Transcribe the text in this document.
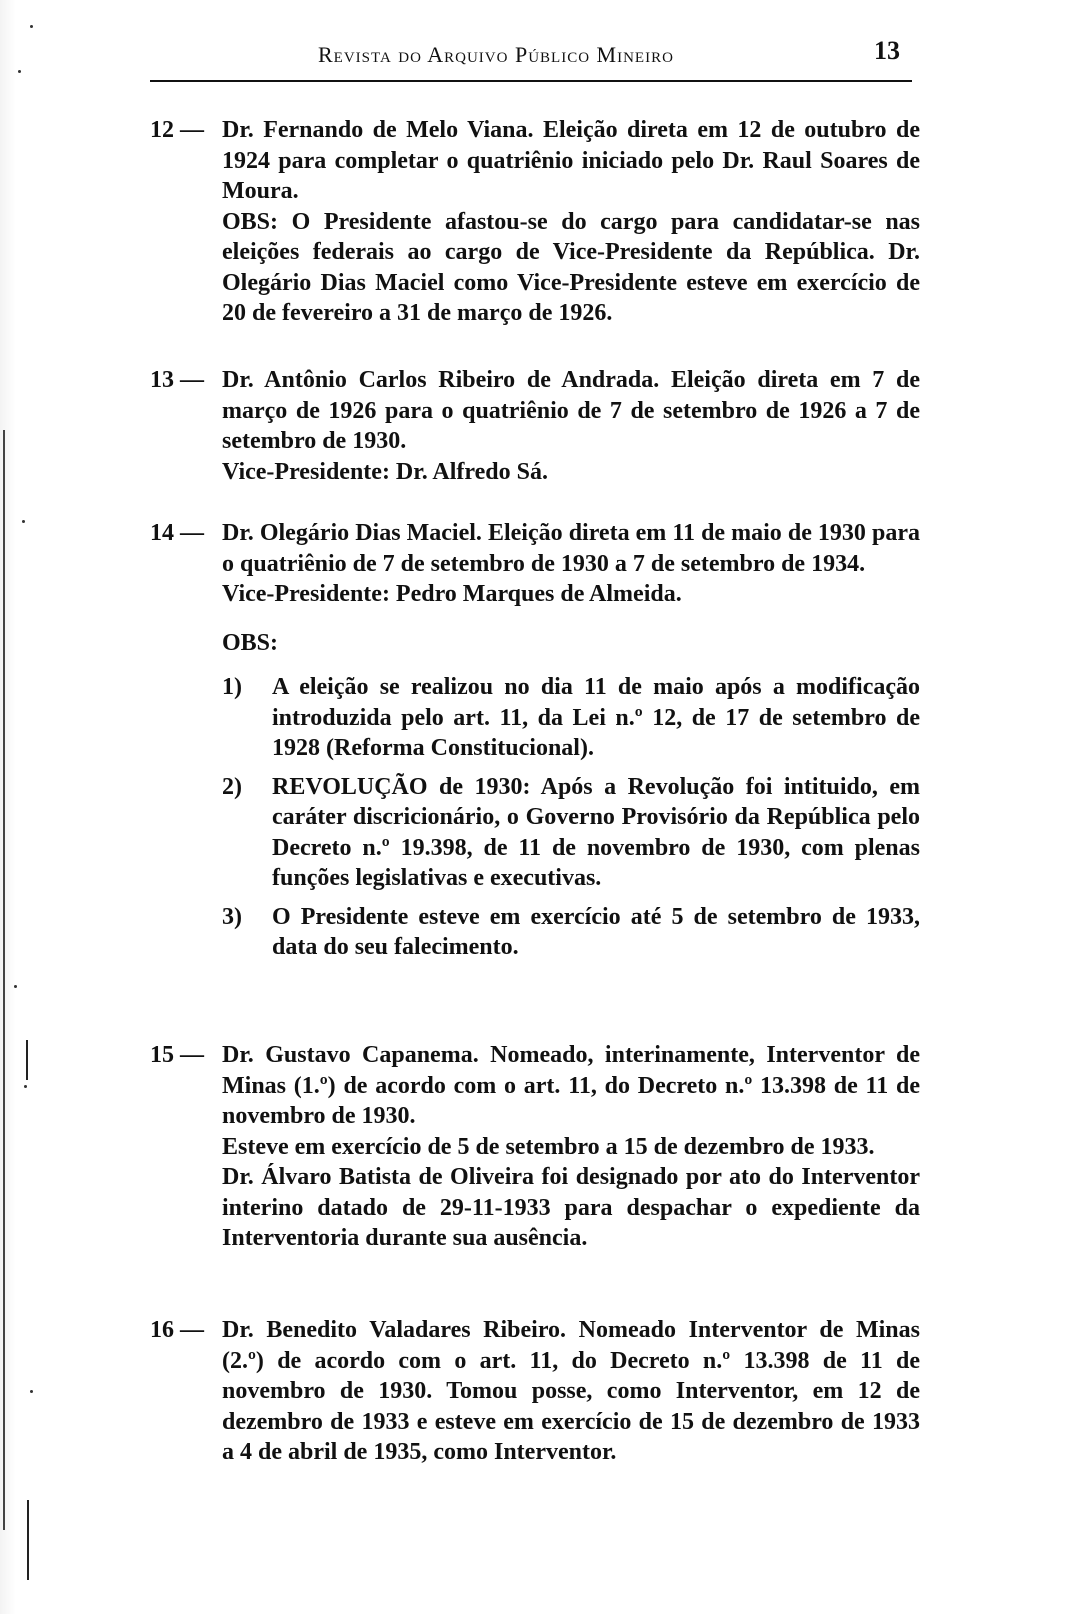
Revista do Arquivo Público Mineiro	13
12 — Dr. Fernando de Melo Viana. Eleição direta em 12 de outubro de 1924 para completar o quatriênio iniciado pelo Dr. Raul Soares de Moura.

OBS: O Presidente afastou-se do cargo para candidatar-se nas eleições federais ao cargo de Vice-Presidente da República. Dr. Olegário Dias Maciel como Vice-Presidente esteve em exercício de 20 de fevereiro a 31 de março de 1926.

13 — Dr. Antônio Carlos Ribeiro de Andrada. Eleição direta em 7 de março de 1926 para o quatriênio de 7 de setembro de 1926 a 7 de setembro de 1930.

Vice-Presidente: Dr. Alfredo Sá.

14 — Dr. Olegário Dias Maciel. Eleição direta em 11 de maio de 1930 para o quatriênio de 7 de setembro de 1930 a 7 de setembro de 1934.

Vice-Presidente: Pedro Marques de Almeida.

OBS:

1) A eleição se realizou no dia 11 de maio após a modificação introduzida pelo art. 11, da Lei n.º 12, de 17 de setembro de 1928 (Reforma Constitucional).

2) REVOLUÇÃO de 1930: Após a Revolução foi intituido, em caráter discricionário, o Governo Provisório da República pelo Decreto n.º 19.398, de 11 de novembro de 1930, com plenas funções legislativas e executivas.

3) O Presidente esteve em exercício até 5 de setembro de 1933, data do seu falecimento.

15 — Dr. Gustavo Capanema. Nomeado, interinamente, Interventor de Minas (1.º) de acordo com o art. 11, do Decreto n.º 13.398 de 11 de novembro de 1930.

Esteve em exercício de 5 de setembro a 15 de dezembro de 1933.

Dr. Álvaro Batista de Oliveira foi designado por ato do Interventor interino datado de 29-11-1933 para despachar o expediente da Interventoria durante sua ausência.

16 — Dr. Benedito Valadares Ribeiro. Nomeado Interventor de Minas (2.º) de acordo com o art. 11, do Decreto n.º 13.398 de 11 de novembro de 1930. Tomou posse, como Interventor, em 12 de dezembro de 1933 e esteve em exercício de 15 de dezembro de 1933 a 4 de abril de 1935, como Interventor.
